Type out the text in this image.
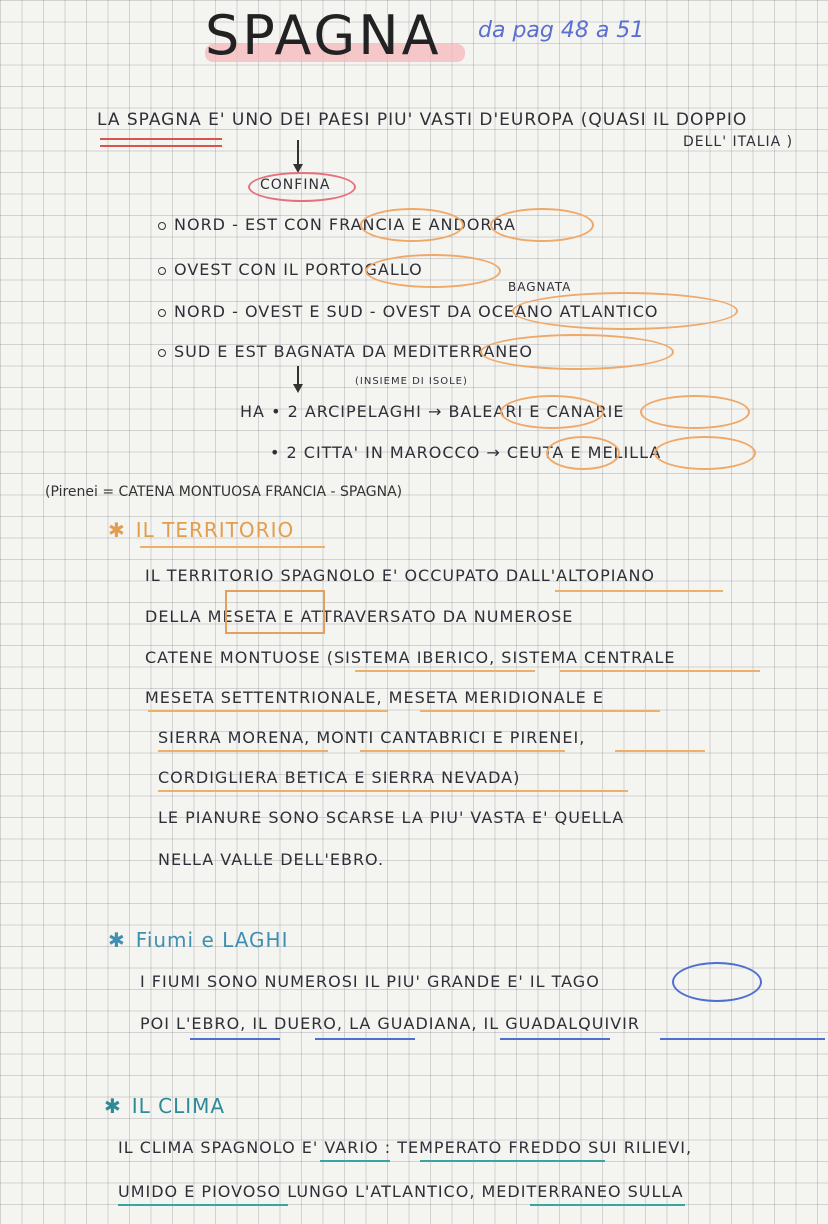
SPAGNA da pag 48 a 51
LA SPAGNA E' UNO DEI PAESI PIU' VASTI D'EUROPA (QUASI IL DOPPIO
DELL' ITALIA )
CONFINA
NORD - EST CON FRANCIA E ANDORRA
OVEST CON IL PORTOGALLO
BAGNATA
NORD - OVEST E SUD - OVEST DA OCEANO ATLANTICO
SUD E EST BAGNATA DA MEDITERRANEO
(INSIEME DI ISOLE)
HA • 2 ARCIPELAGHI → BALEARI E CANARIE
• 2 CITTA' IN MAROCCO → CEUTA E MELILLA
(Pirenei = CATENA MONTUOSA FRANCIA - SPAGNA)
✱ IL TERRITORIO
IL TERRITORIO SPAGNOLO E' OCCUPATO DALL'ALTOPIANO
DELLA MESETA E ATTRAVERSATO DA NUMEROSE
CATENE MONTUOSE (SISTEMA IBERICO, SISTEMA CENTRALE
MESETA SETTENTRIONALE, MESETA MERIDIONALE E
SIERRA MORENA, MONTI CANTABRICI E PIRENEI,
CORDIGLIERA BETICA E SIERRA NEVADA)
LE PIANURE SONO SCARSE LA PIU' VASTA E' QUELLA
NELLA VALLE DELL'EBRO.
✱ Fiumi e LAGHI
I FIUMI SONO NUMEROSI IL PIU' GRANDE E' IL TAGO
POI L'EBRO, IL DUERO, LA GUADIANA, IL GUADALQUIVIR
✱ IL CLIMA
IL CLIMA SPAGNOLO E' VARIO : TEMPERATO FREDDO SUI RILIEVI,
UMIDO E PIOVOSO LUNGO L'ATLANTICO, MEDITERRANEO SULLA
